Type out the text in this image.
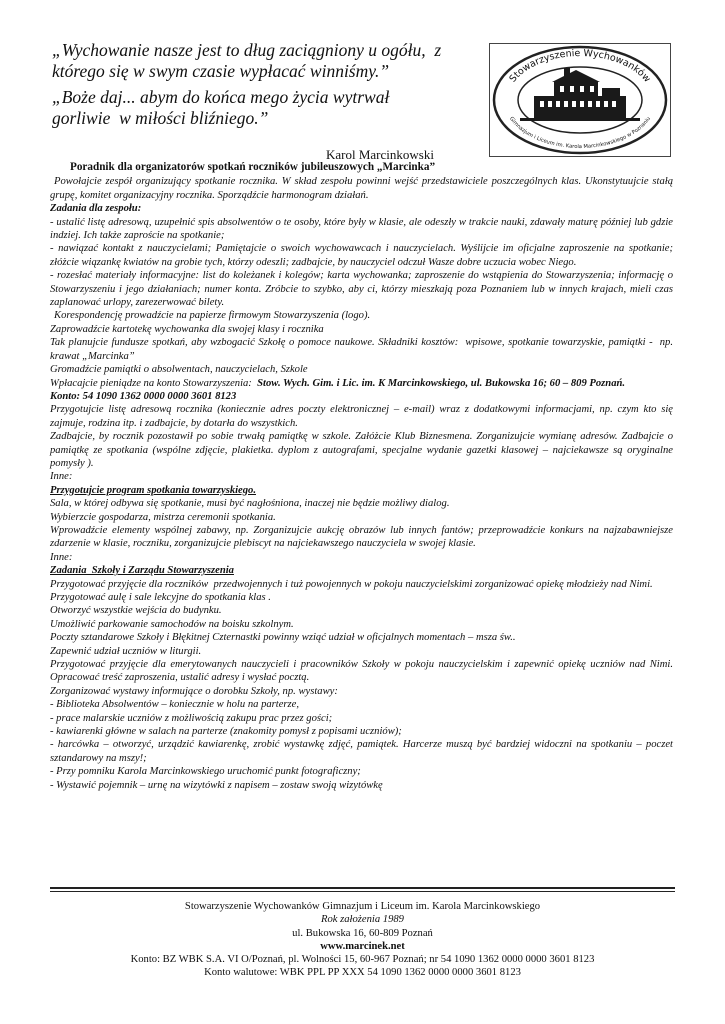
„Wychowanie nasze jest to dług zaciągniony u ogółu,  z którego się w swym czasie wypłacać winniśmy.”

„Boże daj... abym do końca mego życia wytrwał gorliwie  w miłości bliźniego.”

Karol Marcinkowski
Stowarzyszenie Wychowanków
Gimnazjum i Liceum im. Karola Marcinkowskiego w Poznaniu
Poradnik dla organizatorów spotkań roczników jubileuszowych „Marcinka”

Powołajcie zespół organizujący spotkanie rocznika. W skład zespołu powinni wejść przedstawiciele poszczególnych klas. Ukonstytuujcie stałą grupę, komitet organizacyjny rocznika. Sporządźcie harmonogram działań.

Zadania dla zespołu:

- ustalić listę adresową, uzupełnić spis absolwentów o te osoby, które były w klasie, ale odeszły w trakcie nauki, zdawały maturę później lub gdzie indziej. Ich także zaproście na spotkanie;

- nawiązać kontakt z nauczycielami; Pamiętajcie o swoich wychowawcach i nauczycielach. Wyślijcie im oficjalne zaproszenie na spotkanie; złóżcie wiązankę kwiatów na grobie tych, którzy odeszli; zadbajcie, by nauczyciel odczuł Wasze dobre uczucia wobec Niego.

- rozesłać materiały informacyjne: list do koleżanek i kolegów; karta wychowanka; zaproszenie do wstąpienia do Stowarzyszenia; informację o Stowarzyszeniu i jego działaniach; numer konta. Zróbcie to szybko, aby ci, którzy mieszkają poza Poznaniem lub w innych krajach, mieli czas zaplanować urlopy, zarezerwować bilety.

Korespondencję prowadźcie na papierze firmowym Stowarzyszenia (logo).

Zaprowadźcie kartotekę wychowanka dla swojej klasy i rocznika

Tak planujcie fundusze spotkań, aby wzbogacić Szkołę o pomoce naukowe. Składniki kosztów:  wpisowe, spotkanie towarzyskie, pamiątki -  np. krawat „Marcinka”

Gromadźcie pamiątki o absolwentach, nauczycielach, Szkole

Wpłacajcie pieniądze na konto Stowarzyszenia:  Stow. Wych. Gim. i Lic. im. K Marcinkowskiego, ul. Bukowska 16; 60 – 809 Poznań.

Konto: 54 1090 1362 0000 0000 3601 8123

Przygotujcie listę adresową rocznika (koniecznie adres poczty elektronicznej – e-mail) wraz z dodatkowymi informacjami, np. czym kto się zajmuje, rodzina itp. i zadbajcie, by dotarła do wszystkich.

Zadbajcie, by rocznik pozostawił po sobie trwałą pamiątkę w szkole. Załóżcie Klub Biznesmena. Zorganizujcie wymianę adresów. Zadbajcie o pamiątkę ze spotkania (wspólne zdjęcie, plakietka. dyplom z autografami, specjalne wydanie gazetki klasowej – najciekawsze są oryginalne pomysły ).

Inne:

Przygotujcie program spotkania towarzyskiego.

Sala, w której odbywa się spotkanie, musi być nagłośniona, inaczej nie będzie możliwy dialog.

Wybierzcie gospodarza, mistrza ceremonii spotkania.

Wprowadźcie elementy wspólnej zabawy, np. Zorganizujcie aukcję obrazów lub innych fantów; przeprowadźcie konkurs na najzabawniejsze zdarzenie w klasie, roczniku, zorganizujcie plebiscyt na najciekawszego nauczyciela w swojej klasie.

Inne:

Zadania  Szkoły i Zarządu Stowarzyszenia

Przygotować przyjęcie dla roczników  przedwojennych i tuż powojennych w pokoju nauczycielskimi zorganizować opiekę młodzieży nad Nimi.

Przygotować aulę i sale lekcyjne do spotkania klas .

Otworzyć wszystkie wejścia do budynku.

Umożliwić parkowanie samochodów na boisku szkolnym.

Poczty sztandarowe Szkoły i Błękitnej Czternastki powinny wziąć udział w oficjalnych momentach – msza św..

Zapewnić udział uczniów w liturgii.

Przygotować przyjęcie dla emerytowanych nauczycieli i pracowników Szkoły w pokoju nauczycielskim i zapewnić opiekę uczniów nad Nimi. Opracować treść zaproszenia, ustalić adresy i wysłać pocztą.

Zorganizować wystawy informujące o dorobku Szkoły, np. wystawy:

- Biblioteka Absolwentów – koniecznie w holu na parterze,

- prace malarskie uczniów z możliwością zakupu prac przez gości;

- kawiarenki główne w salach na parterze (znakomity pomysł z popisami uczniów);

- harcówka – otworzyć, urządzić kawiarenkę, zrobić wystawkę zdjęć, pamiątek. Harcerze muszą być bardziej widoczni na spotkaniu – poczet sztandarowy na mszy!;

- Przy pomniku Karola Marcinkowskiego uruchomić punkt fotograficzny;

- Wystawić pojemnik – urnę na wizytówki z napisem – zostaw swoją wizytówkę

Stowarzyszenie Wychowanków Gimnazjum i Liceum im. Karola Marcinkowskiego
Rok założenia 1989
ul. Bukowska 16, 60-809 Poznań
www.marcinek.net
Konto: BZ WBK S.A. VI O/Poznań, pl. Wolności 15, 60-967 Poznań; nr 54 1090 1362 0000 0000 3601 8123
Konto walutowe: WBK PPL PP XXX 54 1090 1362 0000 0000 3601 8123
